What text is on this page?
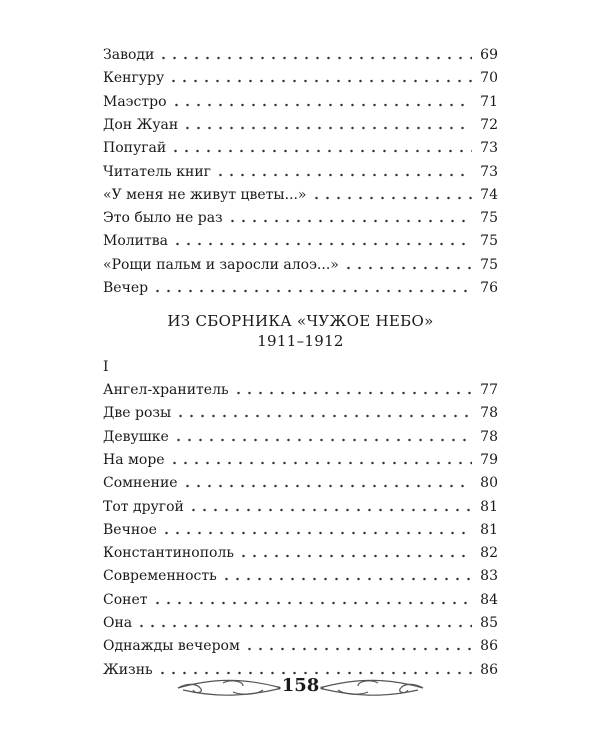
Заводи	69
Кенгуру	70
Маэстро	71
Дон Жуан	72
Попугай	73
Читатель книг	73
«У меня не живут цветы...»	74
Это было не раз	75
Молитва	75
«Рощи пальм и заросли алоэ...»	75
Вечер	76
ИЗ СБОРНИКА «ЧУЖОЕ НЕБО»
1911–1912
I
Ангел-хранитель	77
Две розы	78
Девушке	78
На море	79
Сомнение	80
Тот другой	81
Вечное	81
Константинополь	82
Современность	83
Сонет	84
Она	85
Однажды вечером	86
Жизнь	86
158
